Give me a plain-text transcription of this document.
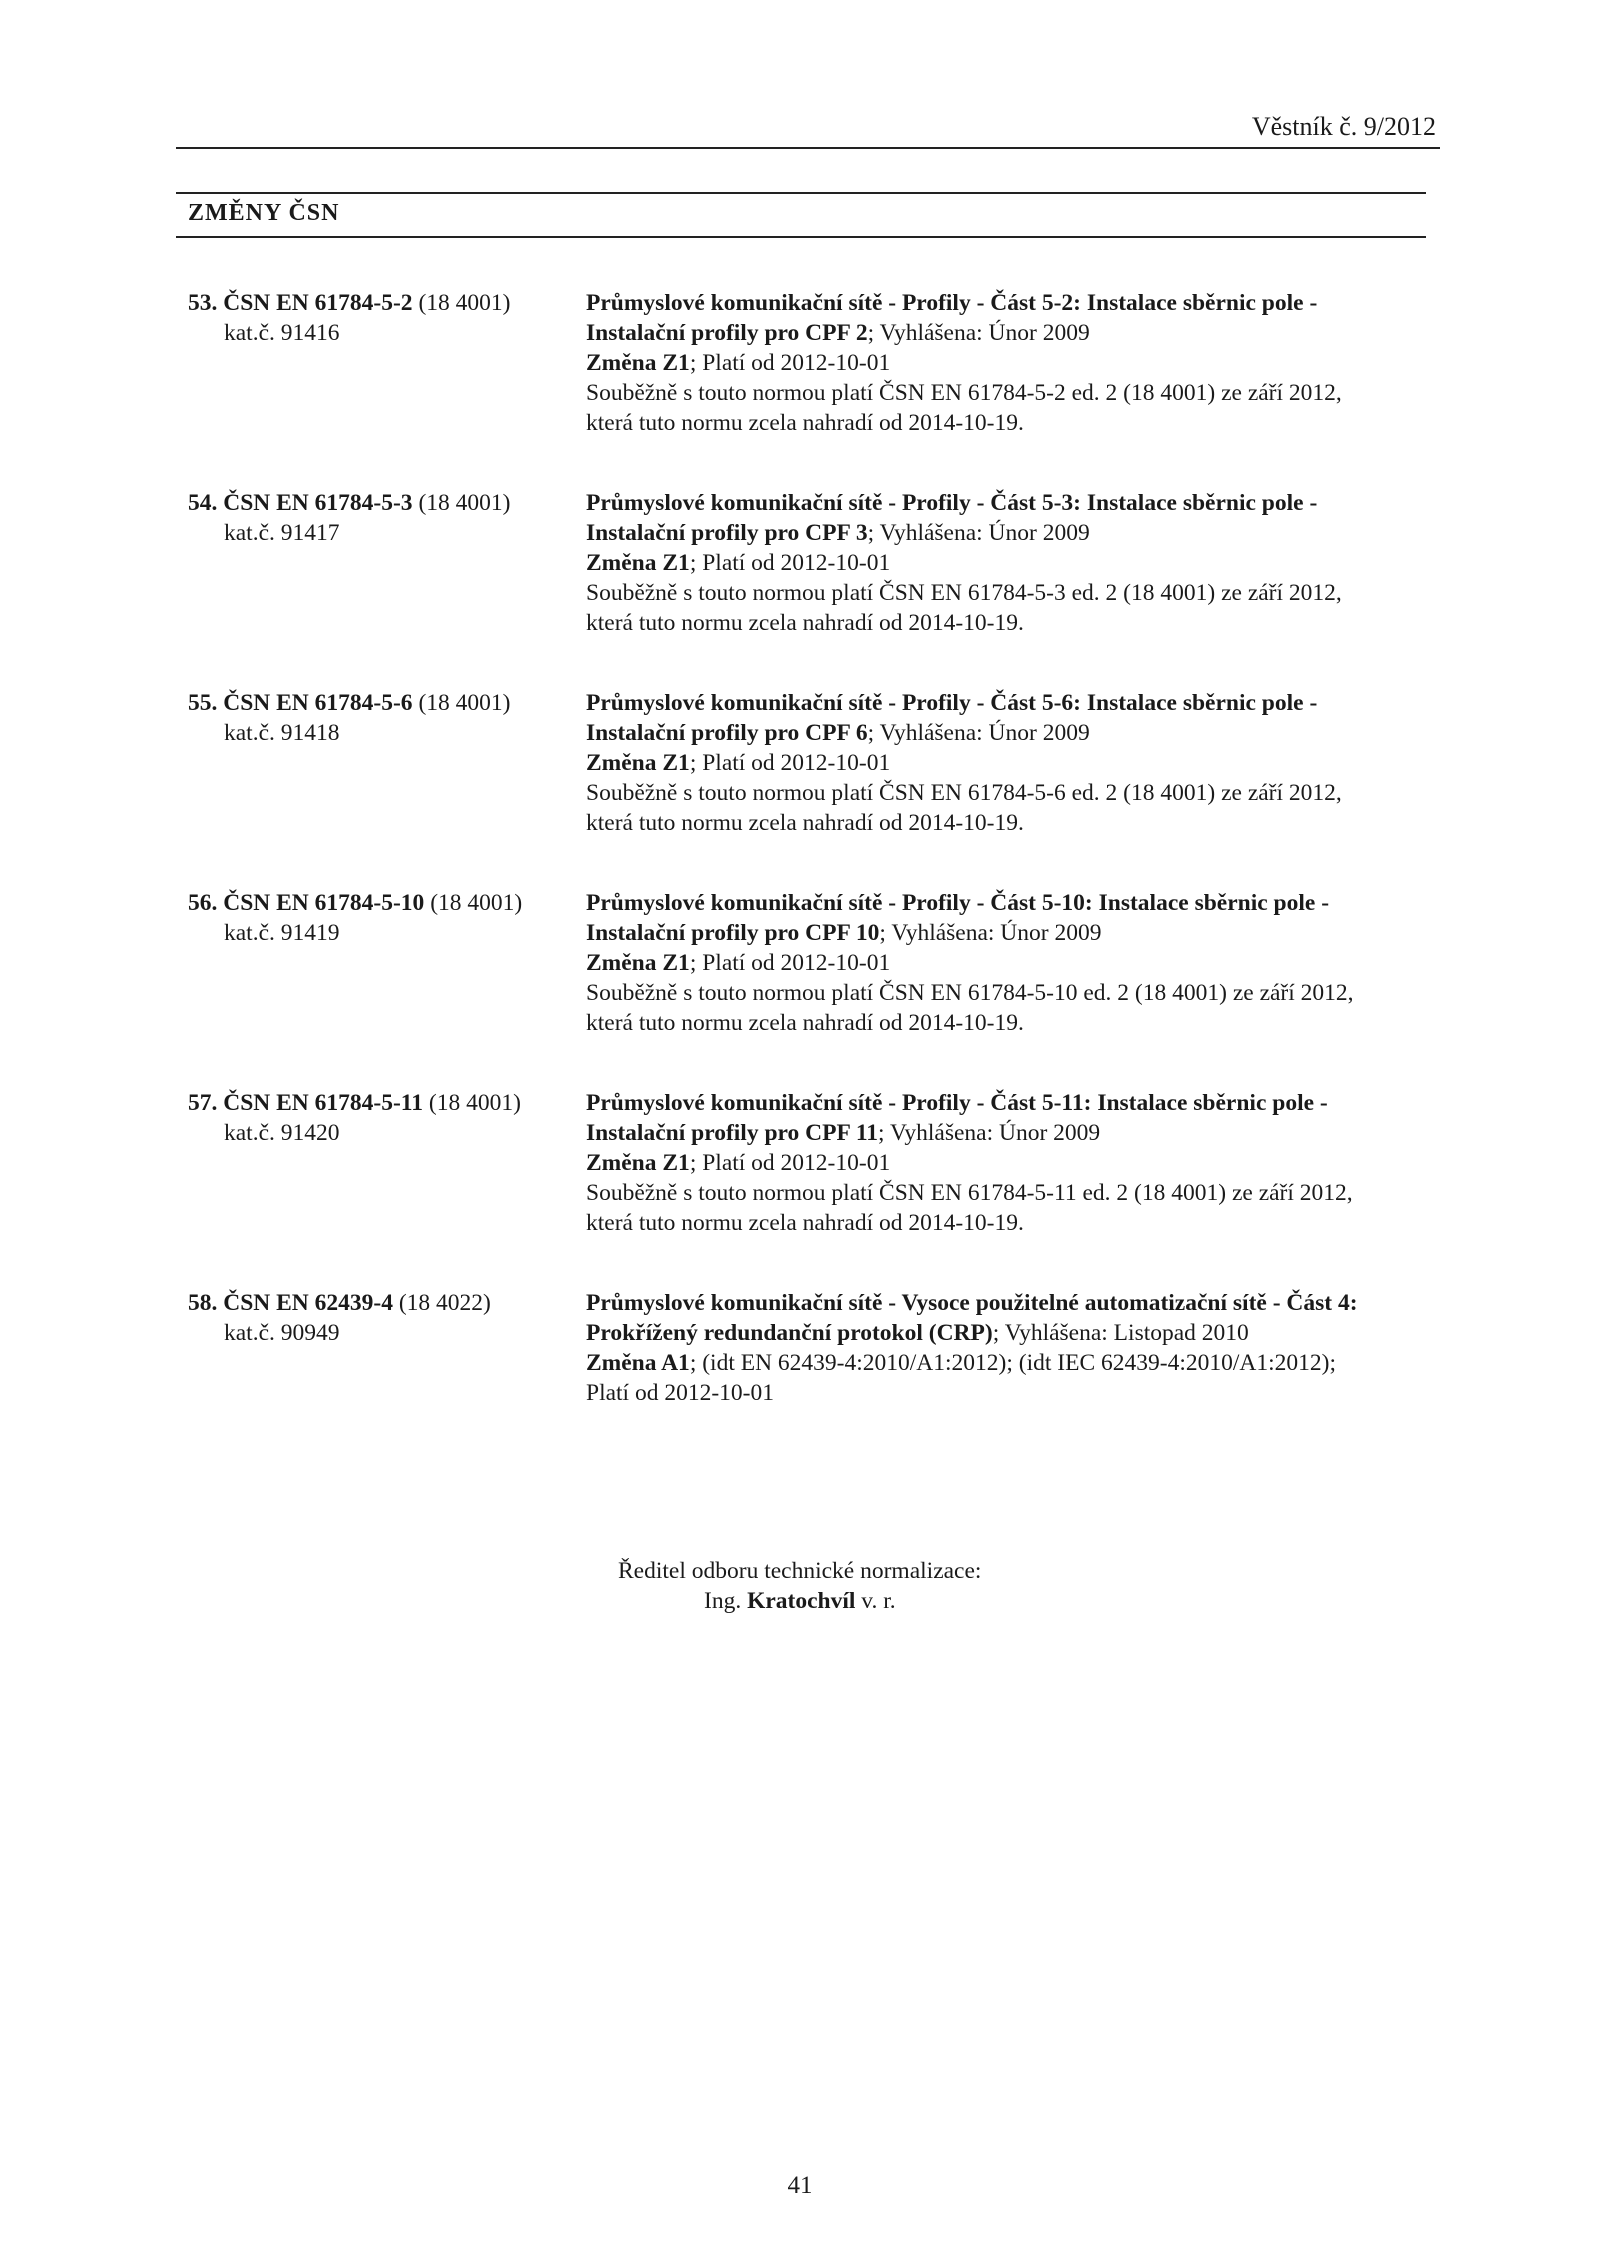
Věstník č. 9/2012
ZMĚNY ČSN
53. ČSN EN 61784-5-2 (18 4001)
kat.č. 91416
Průmyslové komunikační sítě - Profily - Část 5-2: Instalace sběrnic pole -
Instalační profily pro CPF 2; Vyhlášena: Únor 2009
Změna Z1; Platí od 2012-10-01
Souběžně s touto normou platí ČSN EN 61784-5-2 ed. 2 (18 4001) ze září 2012,
která tuto normu zcela nahradí od 2014-10-19.
54. ČSN EN 61784-5-3 (18 4001)
kat.č. 91417
Průmyslové komunikační sítě - Profily - Část 5-3: Instalace sběrnic pole -
Instalační profily pro CPF 3; Vyhlášena: Únor 2009
Změna Z1; Platí od 2012-10-01
Souběžně s touto normou platí ČSN EN 61784-5-3 ed. 2 (18 4001) ze září 2012,
která tuto normu zcela nahradí od 2014-10-19.
55. ČSN EN 61784-5-6 (18 4001)
kat.č. 91418
Průmyslové komunikační sítě - Profily - Část 5-6: Instalace sběrnic pole -
Instalační profily pro CPF 6; Vyhlášena: Únor 2009
Změna Z1; Platí od 2012-10-01
Souběžně s touto normou platí ČSN EN 61784-5-6 ed. 2 (18 4001) ze září 2012,
která tuto normu zcela nahradí od 2014-10-19.
56. ČSN EN 61784-5-10 (18 4001)
kat.č. 91419
Průmyslové komunikační sítě - Profily - Část 5-10: Instalace sběrnic pole -
Instalační profily pro CPF 10; Vyhlášena: Únor 2009
Změna Z1; Platí od 2012-10-01
Souběžně s touto normou platí ČSN EN 61784-5-10 ed. 2 (18 4001) ze září 2012,
která tuto normu zcela nahradí od 2014-10-19.
57. ČSN EN 61784-5-11 (18 4001)
kat.č. 91420
Průmyslové komunikační sítě - Profily - Část 5-11: Instalace sběrnic pole -
Instalační profily pro CPF 11; Vyhlášena: Únor 2009
Změna Z1; Platí od 2012-10-01
Souběžně s touto normou platí ČSN EN 61784-5-11 ed. 2 (18 4001) ze září 2012,
která tuto normu zcela nahradí od 2014-10-19.
58. ČSN EN 62439-4 (18 4022)
kat.č. 90949
Průmyslové komunikační sítě - Vysoce použitelné automatizační sítě - Část 4:
Prokřížený redundanční protokol (CRP); Vyhlášena: Listopad 2010
Změna A1; (idt EN 62439-4:2010/A1:2012); (idt IEC 62439-4:2010/A1:2012);
Platí od 2012-10-01
Ředitel odboru technické normalizace:
Ing. Kratochvíl v. r.
41
